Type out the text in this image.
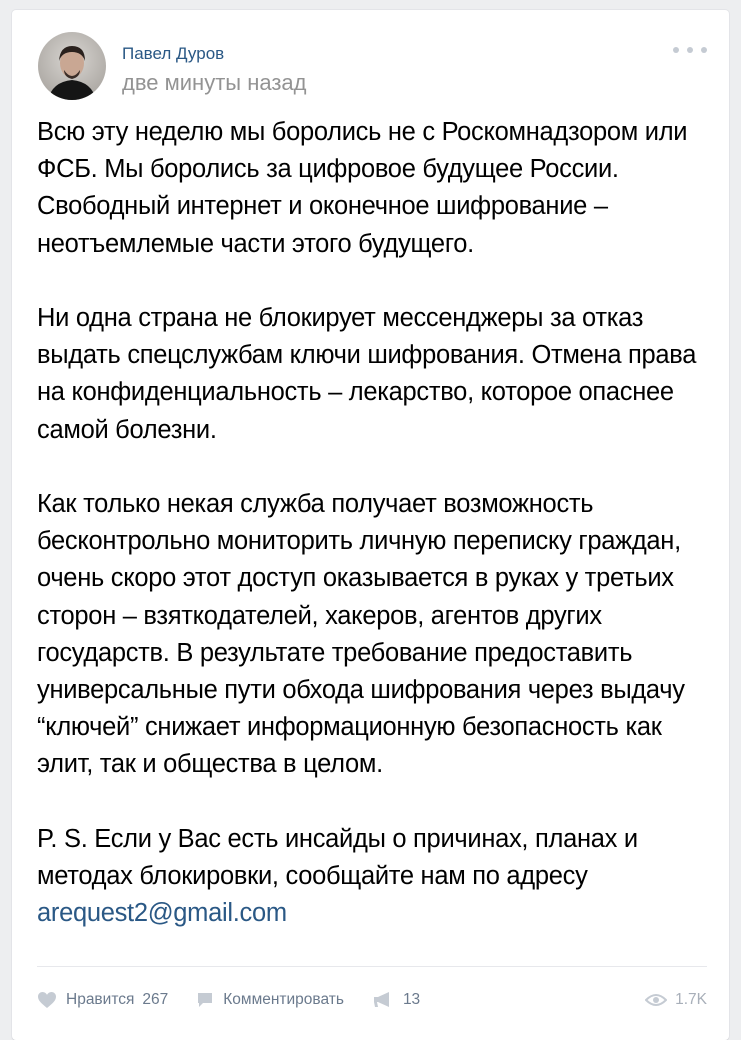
Павел Дуров
две минуты назад

Всю эту неделю мы боролись не с Роскомнадзором или ФСБ. Мы боролись за цифровое будущее России. Свободный интернет и оконечное шифрование – неотъемлемые части этого будущего.

Ни одна страна не блокирует мессенджеры за отказ выдать спецслужбам ключи шифрования. Отмена права на конфиденциальность – лекарство, которое опаснее самой болезни.

Как только некая служба получает возможность бесконтрольно мониторить личную переписку граждан, очень скоро этот доступ оказывается в руках у третьих сторон – взяткодателей, хакеров, агентов других государств. В результате требование предоставить универсальные пути обхода шифрования через выдачу “ключей” снижает информационную безопасность как элит, так и общества в целом.

P. S. Если у Вас есть инсайды о причинах, планах и методах блокировки, сообщайте нам по адресу arequest2@gmail.com

Нравится 267	Комментировать	13	1.7K
